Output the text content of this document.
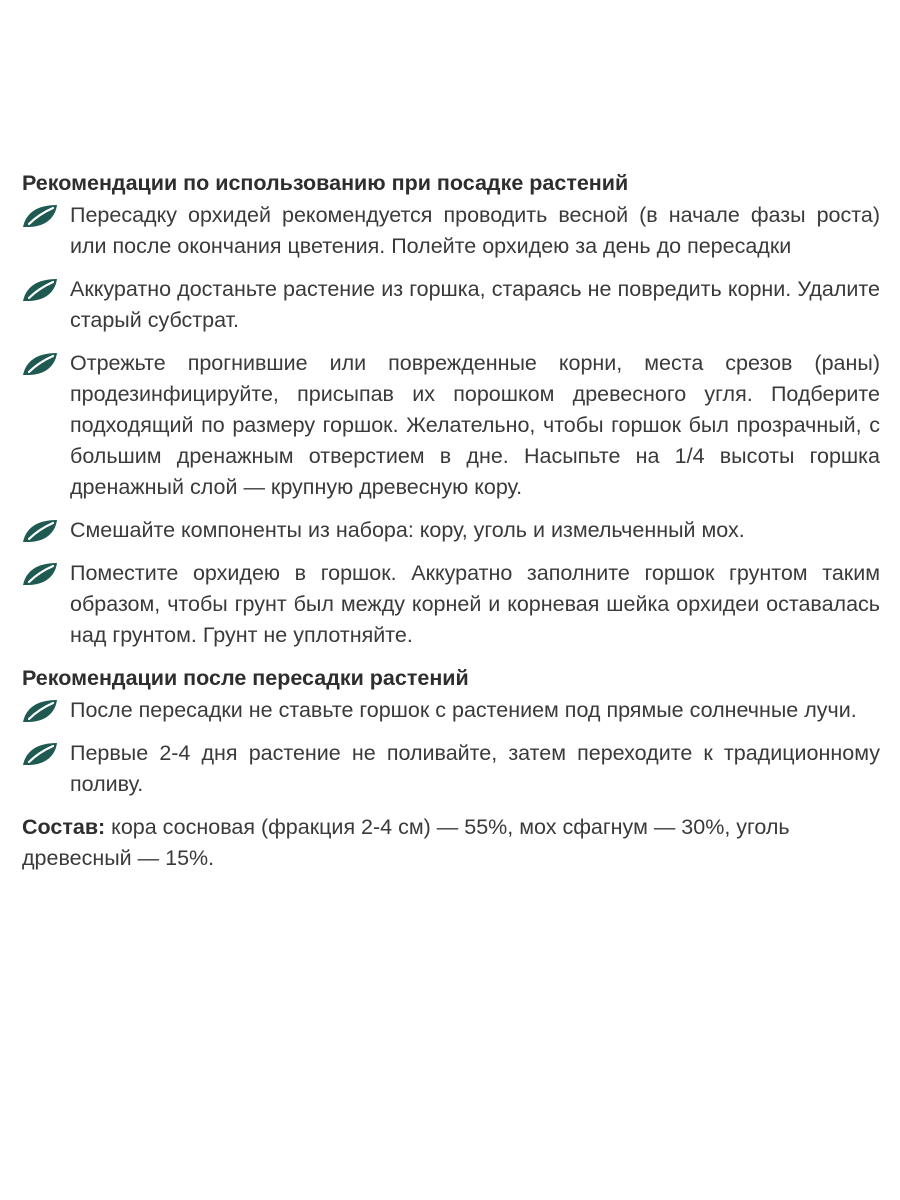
Рекомендации по использованию при посадке растений
Пересадку орхидей рекомендуется проводить весной (в начале фазы роста) или после окончания цветения. Полейте орхидею за день до пересадки
Аккуратно достаньте растение из горшка, стараясь не повредить корни. Удалите старый субстрат.
Отрежьте прогнившие или поврежденные корни, места срезов (раны) продезинфицируйте, присыпав их порошком древесного угля. Подберите подходящий по размеру горшок. Желательно, чтобы горшок был прозрачный, с большим дренажным отверстием в дне. Насыпьте на 1/4 высоты горшка дренажный слой — крупную древесную кору.
Смешайте компоненты из набора: кору, уголь и измельченный мох.
Поместите орхидею в горшок. Аккуратно заполните горшок грунтом таким образом, чтобы грунт был между корней и корневая шейка орхидеи оставалась над грунтом. Грунт не уплотняйте.
Рекомендации после пересадки растений
После пересадки не ставьте горшок с растением под прямые солнечные лучи.
Первые 2-4 дня растение не поливайте, затем переходите к традиционному поливу.

Состав: кора сосновая (фракция 2-4 см) — 55%, мох сфагнум — 30%, уголь древесный — 15%.
